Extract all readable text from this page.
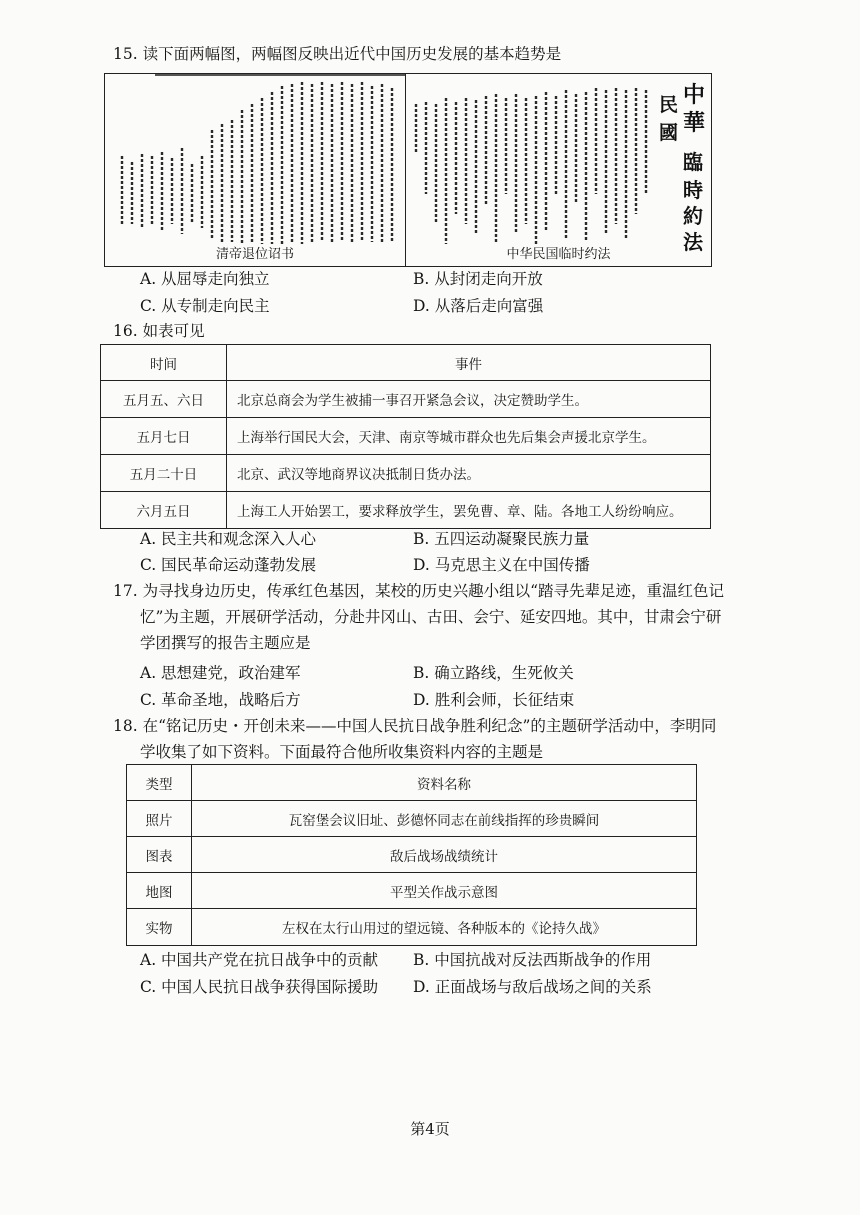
15. 读下面两幅图，两幅图反映出近代中国历史发展的基本趋势是
清帝退位诏书
中
華
民
國
臨
時
約
法
中华民国临时约法
A. 从屈辱走向独立	B. 从封闭走向开放
C. 从专制走向民主	D. 从落后走向富强
16. 如表可见
时间	事件
五月五、六日	北京总商会为学生被捕一事召开紧急会议，决定赞助学生。
五月七日	上海举行国民大会，天津、南京等城市群众也先后集会声援北京学生。
五月二十日	北京、武汉等地商界议决抵制日货办法。
六月五日	上海工人开始罢工，要求释放学生，罢免曹、章、陆。各地工人纷纷响应。
A. 民主共和观念深入人心	B. 五四运动凝聚民族力量
C. 国民革命运动蓬勃发展	D. 马克思主义在中国传播
17. 为寻找身边历史，传承红色基因，某校的历史兴趣小组以“踏寻先辈足迹，重温红色记
忆”为主题，开展研学活动，分赴井冈山、古田、会宁、延安四地。其中，甘肃会宁研
学团撰写的报告主题应是
A. 思想建党，政治建军	B. 确立路线，生死攸关
C. 革命圣地，战略后方	D. 胜利会师，长征结束
18. 在“铭记历史・开创未来——中国人民抗日战争胜利纪念”的主题研学活动中，李明同
学收集了如下资料。下面最符合他所收集资料内容的主题是
类型	资料名称
照片	瓦窑堡会议旧址、彭德怀同志在前线指挥的珍贵瞬间
图表	敌后战场战绩统计
地图	平型关作战示意图
实物	左权在太行山用过的望远镜、各种版本的《论持久战》
A. 中国共产党在抗日战争中的贡献 B. 中国抗战对反法西斯战争的作用
C. 中国人民抗日战争获得国际援助 D. 正面战场与敌后战场之间的关系
第4页
